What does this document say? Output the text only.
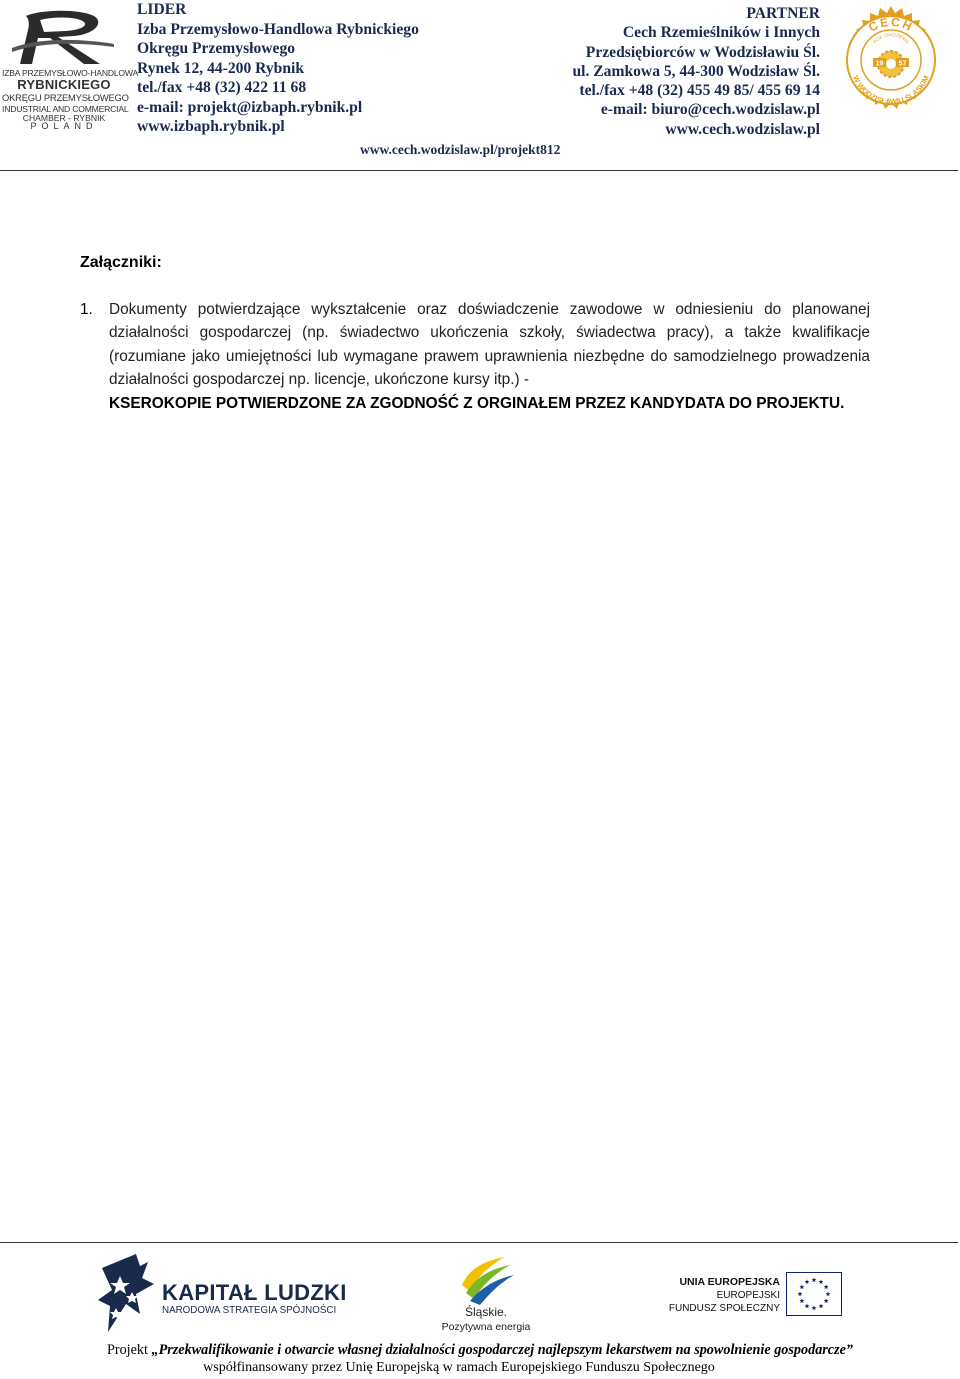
IZBA PRZEMYSŁOWO-HANDLOWA
RYBNICKIEGO
OKRĘGU PRZEMYSŁOWEGO
INDUSTRIAL AND COMMERCIAL
CHAMBER - RYBNIK
POLAND
LIDER
Izba Przemysłowo-Handlowa Rybnickiego
Okręgu Przemysłowego
Rynek 12, 44-200 Rybnik
tel./fax +48 (32) 422 11 68
e-mail: projekt@izbaph.rybnik.pl
www.izbaph.rybnik.pl
PARTNER
Cech Rzemieślników i Innych
Przedsiębiorców w Wodzisławiu Śl.
ul. Zamkowa 5, 44-300 Wodzisław Śl.
tel./fax +48 (32) 455 49 85/ 455 69 14
e-mail: biuro@cech.wodzislaw.pl
www.cech.wodzislaw.pl
CECH
W WODZISŁAWIU ŚLĄSKIM
ROK ZAŁOŻENIA
19 57
www.cech.wodzislaw.pl/projekt812
Załączniki:
1. Dokumenty potwierdzające wykształcenie oraz doświadczenie zawodowe w odniesieniu do planowanej działalności gospodarczej (np. świadectwo ukończenia szkoły, świadectwa pracy), a także kwalifikacje (rozumiane jako umiejętności lub wymagane prawem uprawnienia niezbędne do samodzielnego prowadzenia działalności gospodarczej np. licencje, ukończone kursy itp.) -
KSEROKOPIE POTWIERDZONE ZA ZGODNOŚĆ Z ORGINAŁEM PRZEZ KANDYDATA DO PROJEKTU.
KAPITAŁ LUDZKI
NARODOWA STRATEGIA SPÓJNOŚCI	Śląskie.
Pozytywna energia
UNIA EUROPEJSKA
EUROPEJSKI
FUNDUSZ SPOŁECZNY
Projekt „Przekwalifikowanie i otwarcie własnej działalności gospodarczej najlepszym lekarstwem na spowolnienie gospodarcze”
współfinansowany przez Unię Europejską w ramach Europejskiego Funduszu Społecznego
